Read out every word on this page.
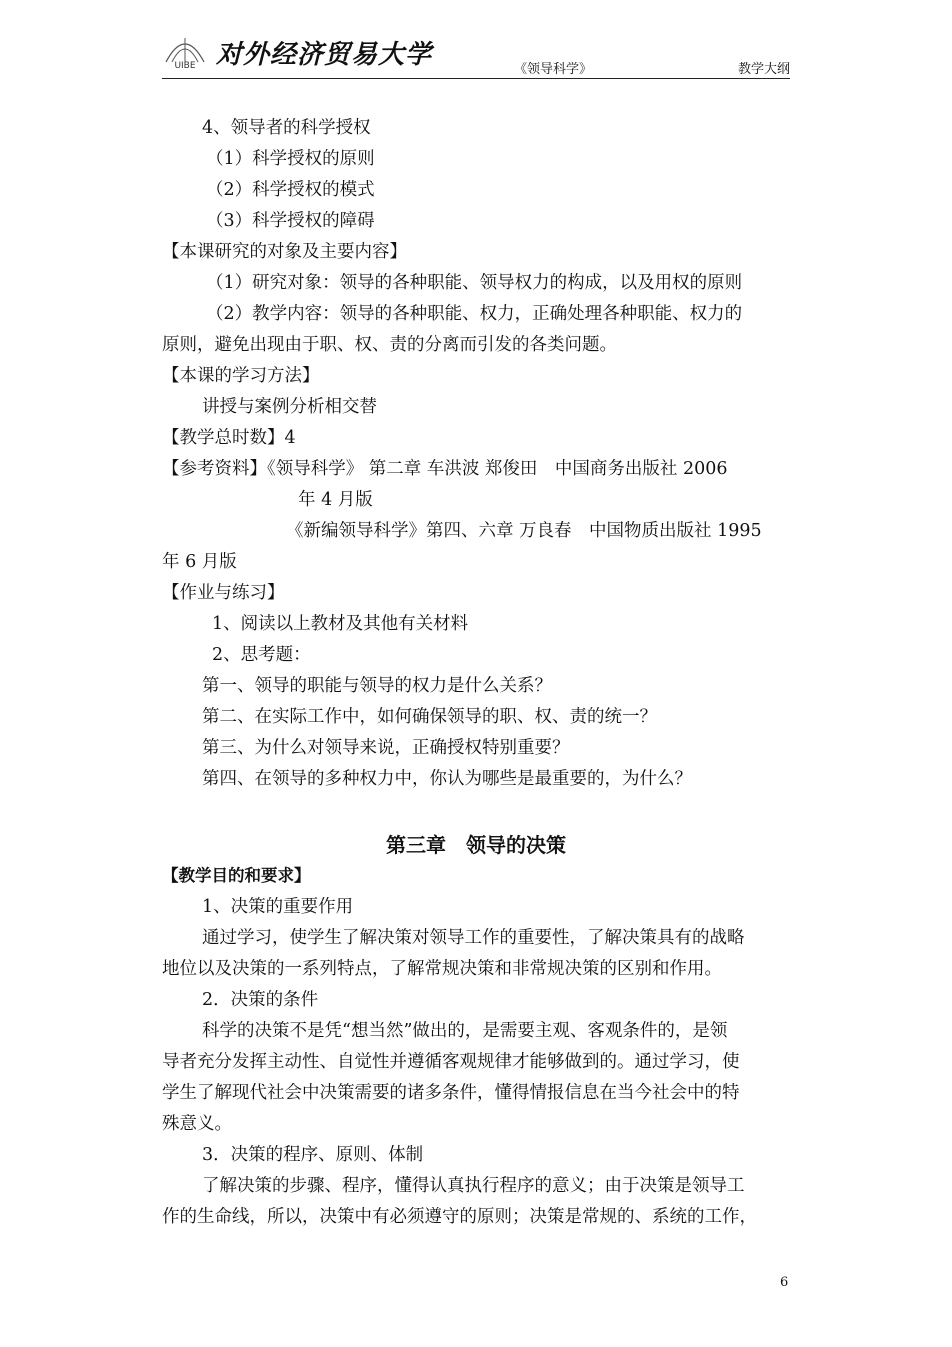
UIBE 对外经济贸易大学	《领导科学》	教学大纲
4、领导者的科学授权
（1）科学授权的原则
（2）科学授权的模式
（3）科学授权的障碍
【本课研究的对象及主要内容】
（1）研究对象：领导的各种职能、领导权力的构成，以及用权的原则
（2）教学内容：领导的各种职能、权力，正确处理各种职能、权力的
原则，避免出现由于职、权、责的分离而引发的各类问题。
【本课的学习方法】
讲授与案例分析相交替
【教学总时数】4
【参考资料】《领导科学》 第二章 车洪波 郑俊田　中国商务出版社 2006
年 4 月版
《新编领导科学》第四、六章 万良春　中国物质出版社 1995
年 6 月版
【作业与练习】
1、阅读以上教材及其他有关材料
2、思考题：
第一、领导的职能与领导的权力是什么关系？
第二、在实际工作中，如何确保领导的职、权、责的统一？
第三、为什么对领导来说，正确授权特别重要？
第四、在领导的多种权力中，你认为哪些是最重要的，为什么？
第三章　领导的决策
【教学目的和要求】
1、决策的重要作用
通过学习，使学生了解决策对领导工作的重要性，了解决策具有的战略
地位以及决策的一系列特点，了解常规决策和非常规决策的区别和作用。
2．决策的条件
科学的决策不是凭“想当然”做出的，是需要主观、客观条件的，是领
导者充分发挥主动性、自觉性并遵循客观规律才能够做到的。通过学习，使
学生了解现代社会中决策需要的诸多条件，懂得情报信息在当今社会中的特
殊意义。
3．决策的程序、原则、体制
了解决策的步骤、程序，懂得认真执行程序的意义；由于决策是领导工
作的生命线，所以，决策中有必须遵守的原则；决策是常规的、系统的工作，
6
